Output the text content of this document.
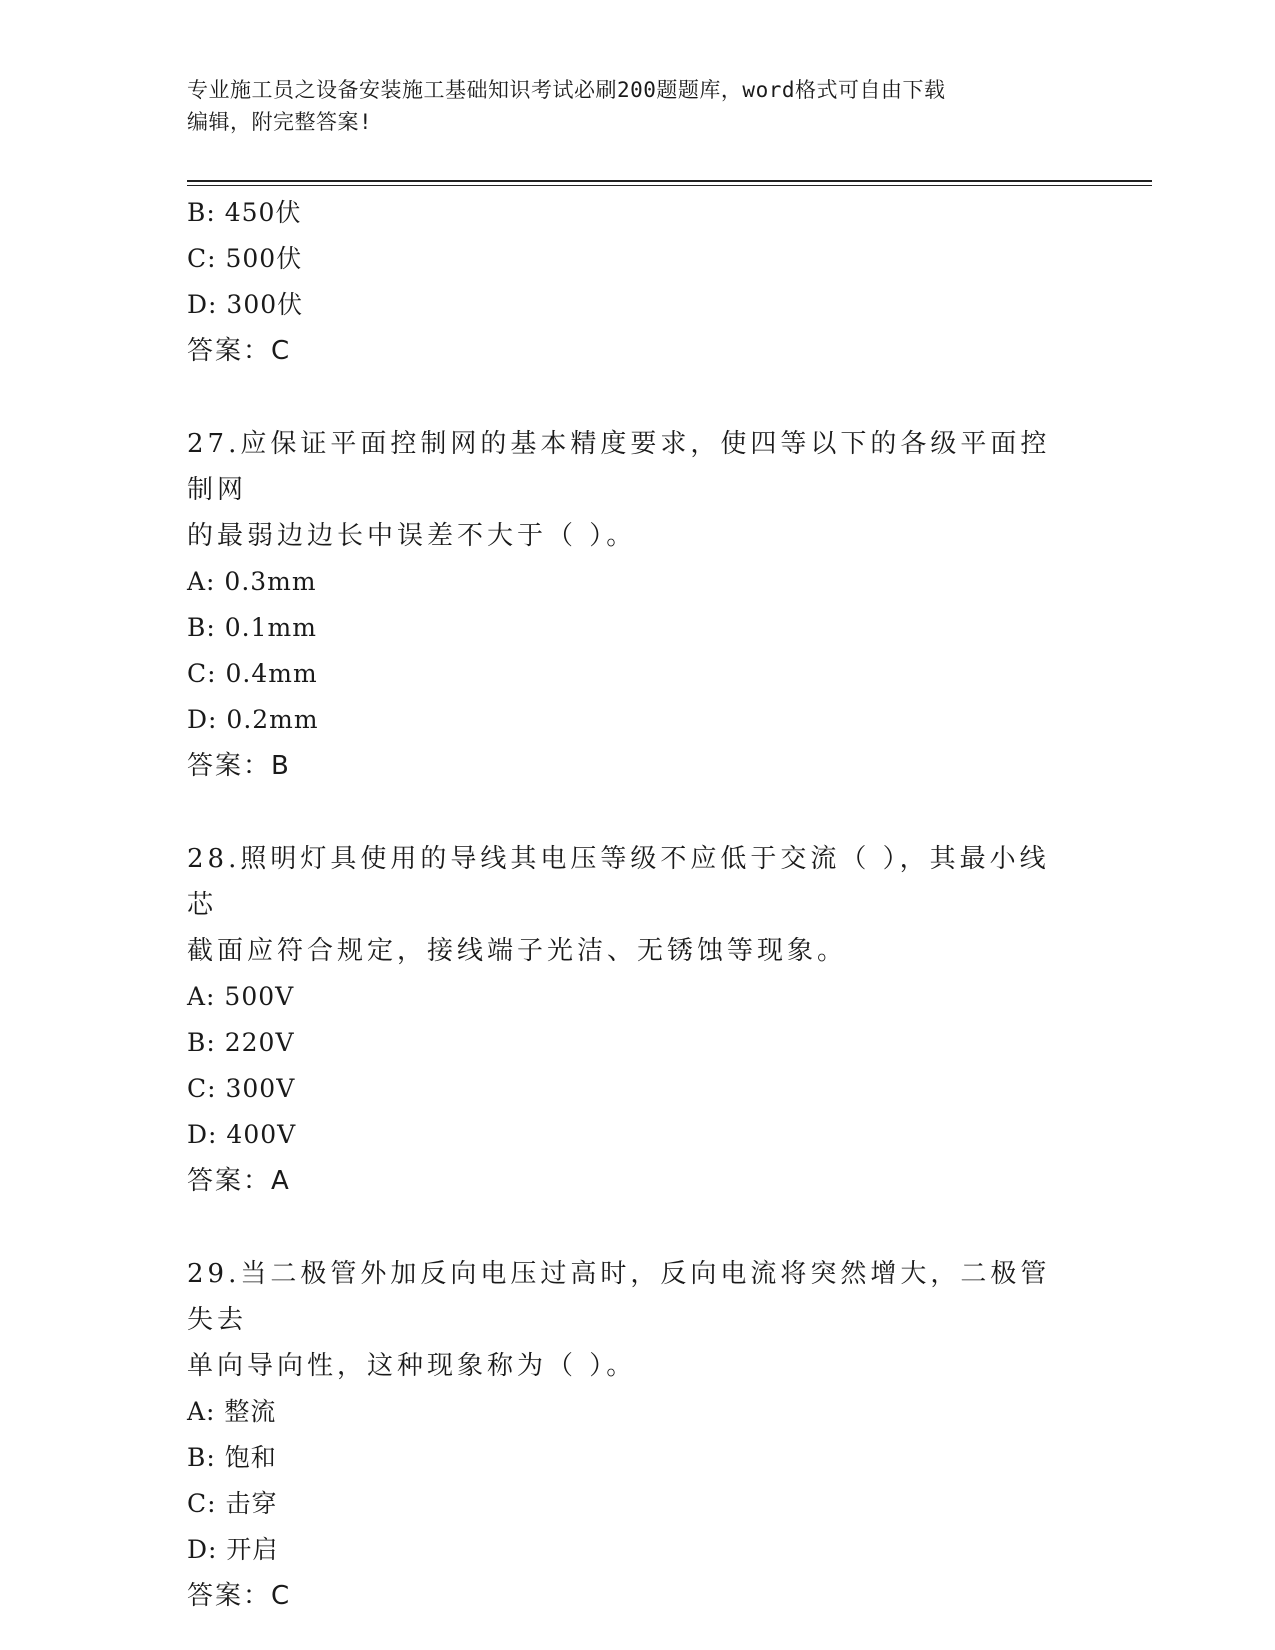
专业施工员之设备安装施工基础知识考试必刷200题题库，word格式可自由下载
编辑，附完整答案!
B: 450伏
C: 500伏
D: 300伏
答案：C
27.应保证平面控制网的基本精度要求，使四等以下的各级平面控制网
的最弱边边长中误差不大于（ ）。
A: 0.3mm
B: 0.1mm
C: 0.4mm
D: 0.2mm
答案：B
28.照明灯具使用的导线其电压等级不应低于交流（ ），其最小线芯
截面应符合规定，接线端子光洁、无锈蚀等现象。
A: 500V
B: 220V
C: 300V
D: 400V
答案：A
29.当二极管外加反向电压过高时，反向电流将突然增大，二极管失去
单向导向性，这种现象称为（ ）。
A: 整流
B: 饱和
C: 击穿
D: 开启
答案：C
